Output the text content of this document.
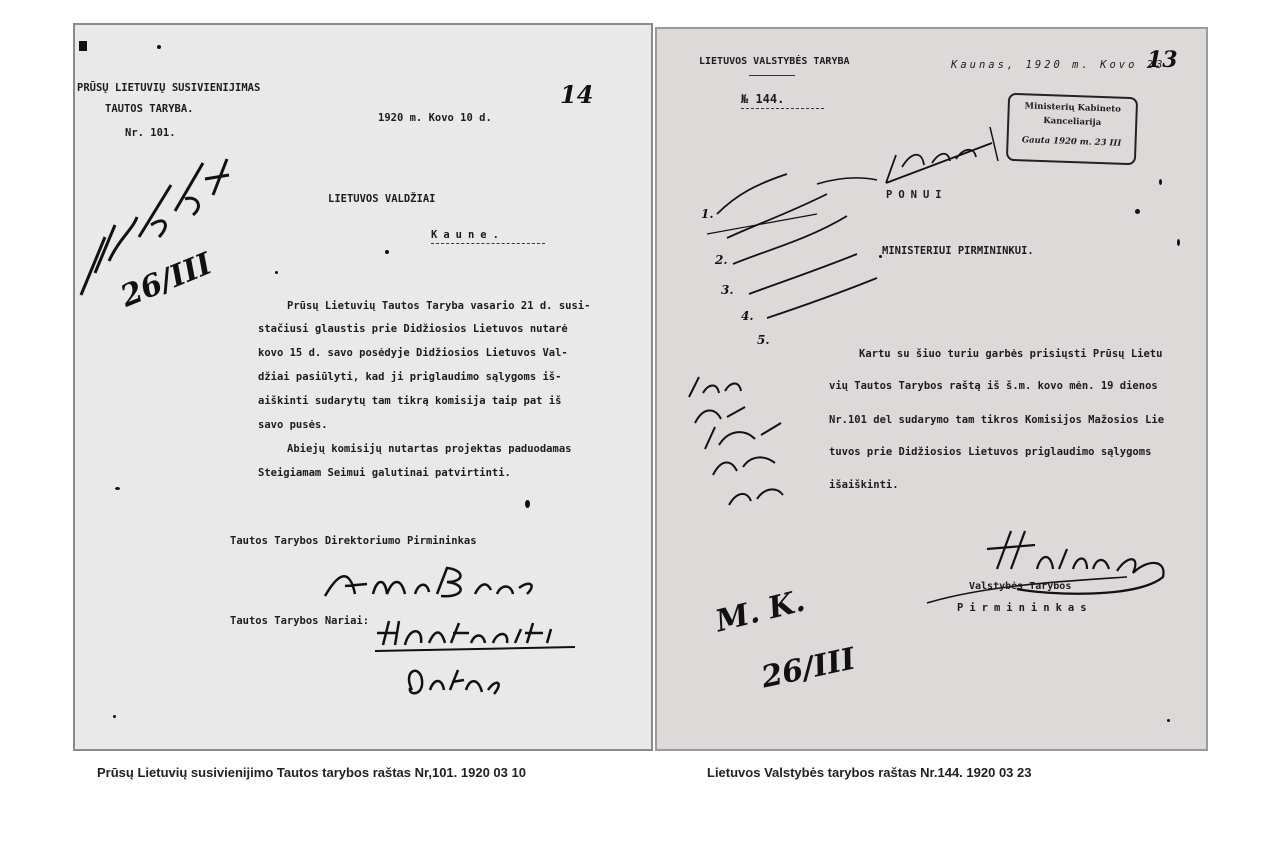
PRŪSŲ LIETUVIŲ SUSIVIENIJIMAS
TAUTOS TARYBA.
Nr. 101.
1920 m. Kovo 10 d.
14
LIETUVOS VALDŽIAI
Kaune.
Prūsų Lietuvių Tautos Taryba vasario 21 d. susi-
stačiusi glaustis prie Didžiosios Lietuvos nutarė
kovo 15 d. savo posėdyje Didžiosios Lietuvos Val-
džiai pasiūlyti, kad ji priglaudimo sąlygoms iš-
aiškinti sudarytų tam tikrą komisija taip pat iš
savo pusės.
Abiejų komisijų nutartas projektas paduodamas
Steigiamam Seimui galutinai patvirtinti.
Tautos Tarybos Direktoriumo Pirmininkas
Tautos Tarybos Nariai:
26/III
LIETUVOS VALSTYBĖS TARYBA
№ 144.
Kaunas, 1920 m. Kovo 23
13
Ministerių Kabineto
Kanceliarija
Gauta 1920 m. 23 III
PONUI
MINISTERIUI PIRMININKUI.
Kartu su šiuo turiu garbės prisiųsti Prūsų Lietu
vių Tautos Tarybos raštą iš š.m. kovo mėn. 19 dienos
Nr.101 del sudarymo tam tikros Komisijos Mažosios Lie
tuvos prie Didžiosios Lietuvos priglaudimo sąlygoms
išaiškinti.
Valstybės Tarybos
Pirmininkas
1.
2.
3.
4.
5.
M. K.
26/III
Prūsų Lietuvių susivienijimo Tautos tarybos raštas Nr,101. 1920 03 10	Lietuvos Valstybės tarybos raštas Nr.144. 1920 03 23
